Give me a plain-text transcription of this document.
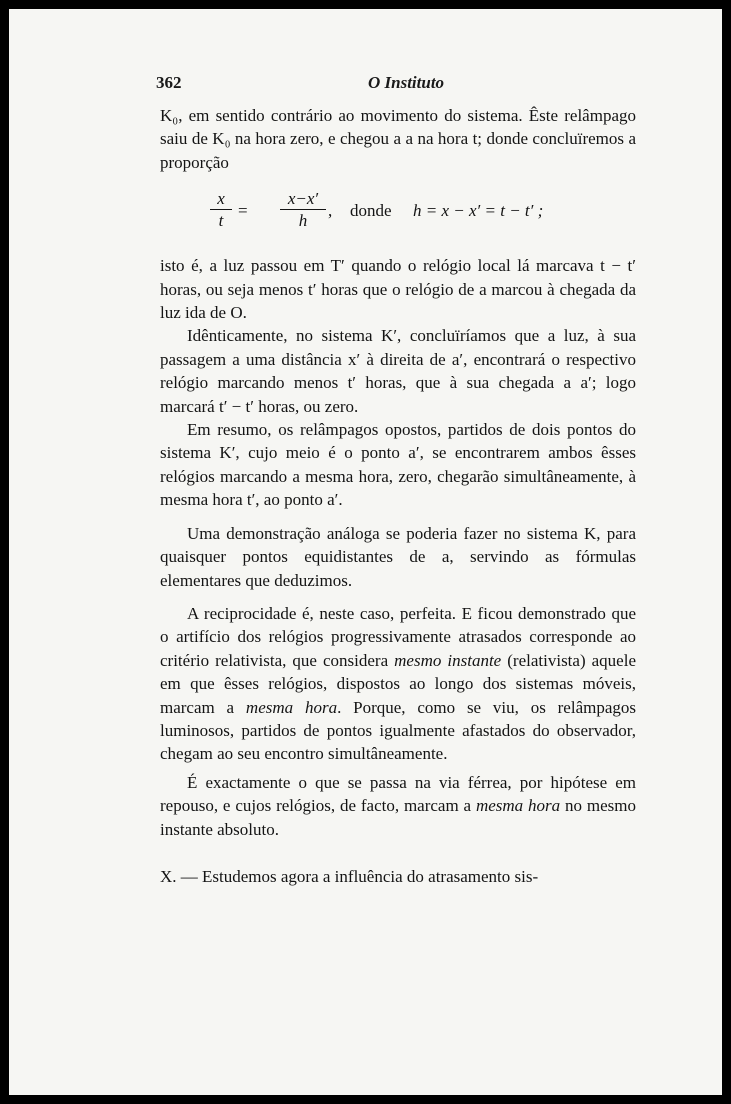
362	O Instituto

K₀, em sentido contrário ao movimento do sistema. Êste relâmpago saiu de K₀ na hora zero, e chegou a a na hora t; donde concluïremos a proporção

$\frac{x}{t} = \frac{x-x'}{h}$ , donde h = x − x′ = t − t′ ;

isto é, a luz passou em T′ quando o relógio local lá marcava t − t′ horas, ou seja menos t′ horas que o relógio de a marcou à chegada da luz ida de O.

Idênticamente, no sistema K′, concluïríamos que a luz, à sua passagem a uma distância x′ à direita de a′, encontrará o respectivo relógio marcando menos t′ horas, que à sua chegada a a′; logo marcará t′ − t′ horas, ou zero.

Em resumo, os relâmpagos opostos, partidos de dois pontos do sistema K′, cujo meio é o ponto a′, se encontrarem ambos êsses relógios marcando a mesma hora, zero, chegarão simultâneamente, à mesma hora t′, ao ponto a′.

Uma demonstração análoga se poderia fazer no sistema K, para quaisquer pontos equidistantes de a, servindo as fórmulas elementares que deduzimos.

A reciprocidade é, neste caso, perfeita. E ficou demonstrado que o artifício dos relógios progressivamente atrasados corresponde ao critério relativista, que considera mesmo instante (relativista) aquele em que êsses relógios, dispostos ao longo dos sistemas móveis, marcam a mesma hora. Porque, como se viu, os relâmpagos luminosos, partidos de pontos igualmente afastados do observador, chegam ao seu encontro simultâneamente.

É exactamente o que se passa na via férrea, por hipótese em repouso, e cujos relógios, de facto, marcam a mesma hora no mesmo instante absoluto.

X. — Estudemos agora a influência do atrasamento sis-
